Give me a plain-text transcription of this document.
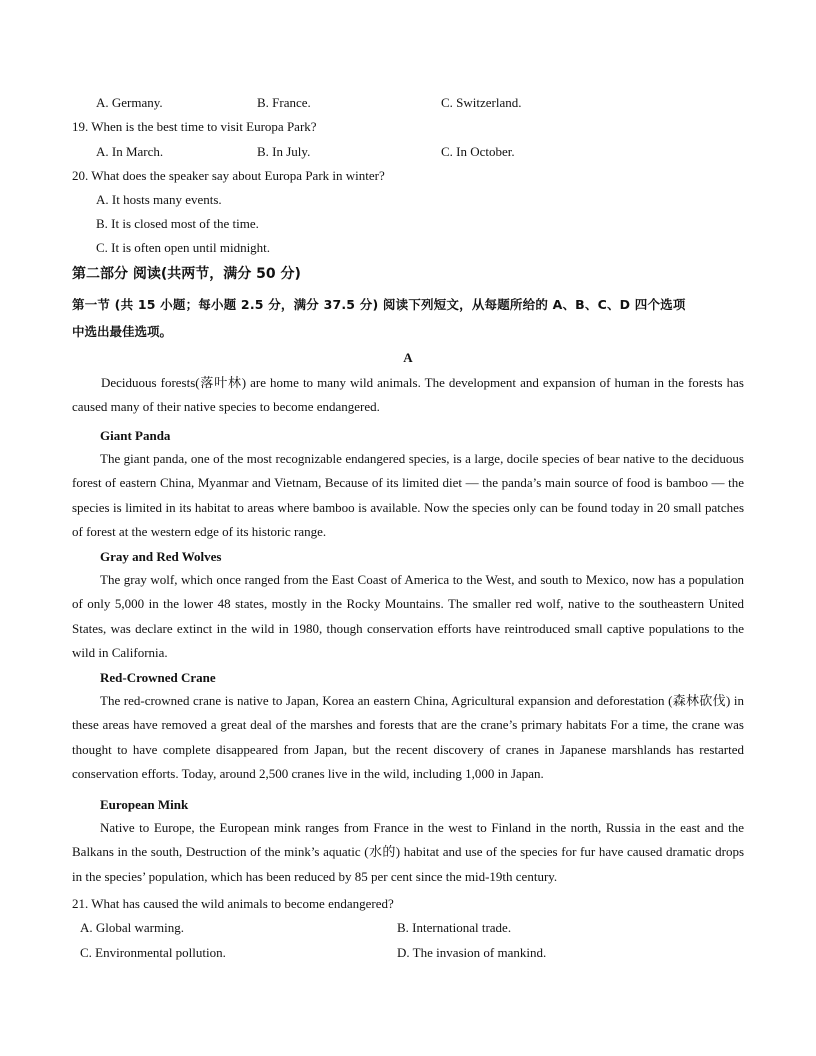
A. Germany.	B. France.	C. Switzerland.
19. When is the best time to visit Europa Park?
A. In March.	B. In July.	C. In October.
20. What does the speaker say about Europa Park in winter?
A. It hosts many events.
B. It is closed most of the time.
C. It is often open until midnight.
第二部分 阅读(共两节，满分 50 分)
第一节 (共 15 小题；每小题 2.5 分，满分 37.5 分) 阅读下列短文，从每题所给的 A、B、C、D 四个选项
中选出最佳选项。
A
Deciduous forests(落叶林) are home to many wild animals. The development and expansion of human in the forests has caused many of their native species to become endangered.
Giant Panda
The giant panda, one of the most recognizable endangered species, is a large, docile species of bear native to the deciduous forest of eastern China, Myanmar and Vietnam, Because of its limited diet — the panda’s main source of food is bamboo — the species is limited in its habitat to areas where bamboo is available. Now the species only can be found today in 20 small patches of forest at the western edge of its historic range.
Gray and Red Wolves
The gray wolf, which once ranged from the East Coast of America to the West, and south to Mexico, now has a population of only 5,000 in the lower 48 states, mostly in the Rocky Mountains. The smaller red wolf, native to the southeastern United States, was declare extinct in the wild in 1980, though conservation efforts have reintroduced small captive populations to the wild in California.
Red-Crowned Crane
The red-crowned crane is native to Japan, Korea an eastern China, Agricultural expansion and deforestation (森林砍伐) in these areas have removed a great deal of the marshes and forests that are the crane’s primary habitats For a time, the crane was thought to have complete disappeared from Japan, but the recent discovery of cranes in Japanese marshlands has restarted conservation efforts. Today, around 2,500 cranes live in the wild, including 1,000 in Japan.
European Mink
Native to Europe, the European mink ranges from France in the west to Finland in the north, Russia in the east and the Balkans in the south, Destruction of the mink’s aquatic (水的) habitat and use of the species for fur have caused dramatic drops in the species’ population, which has been reduced by 85 per cent since the mid-19th century.
21. What has caused the wild animals to become endangered?
A. Global warming.	B. International trade.
C. Environmental pollution.	D. The invasion of mankind.
